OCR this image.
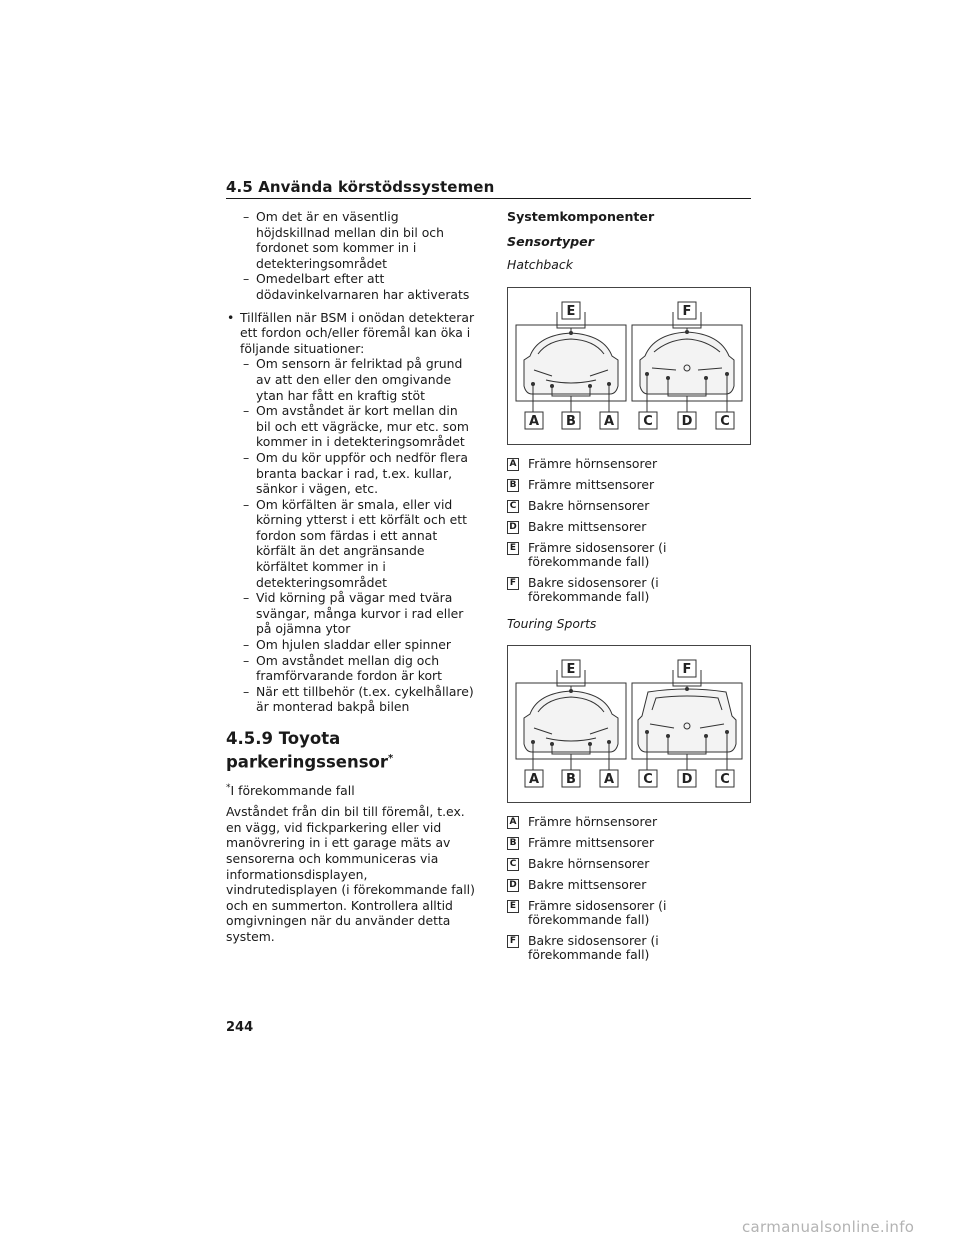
4.5 Använda körstödssystemen
– Om det är en väsentlig höjdskillnad mellan din bil och fordonet som kommer in i detekteringsområdet
– Omedelbart efter att dödavinkelvarnaren har aktiverats
• Tillfällen när BSM i onödan detekterar ett fordon och/eller föremål kan öka i följande situationer:
– Om sensorn är felriktad på grund av att den eller den omgivande ytan har fått en kraftig stöt
– Om avståndet är kort mellan din bil och ett vägräcke, mur etc. som kommer in i detekteringsområdet
– Om du kör uppför och nedför flera branta backar i rad, t.ex. kullar, sänkor i vägen, etc.
– Om körfälten är smala, eller vid körning ytterst i ett körfält och ett fordon som färdas i ett annat körfält än det angränsande körfältet kommer in i detekteringsområdet
– Vid körning på vägar med tvära svängar, många kurvor i rad eller på ojämna ytor
– Om hjulen sladdar eller spinner
– Om avståndet mellan dig och framförvarande fordon är kort
– När ett tillbehör (t.ex. cykelhållare) är monterad bakpå bilen
4.5.9 Toyota parkeringssensor*
*I förekommande fall
Avståndet från din bil till föremål, t.ex. en vägg, vid fickparkering eller vid manövrering in i ett garage mäts av sensorerna och kommuniceras via informationsdisplayen, vindrutedisplayen (i förekommande fall) och en summerton. Kontrollera alltid omgivningen när du använder detta system.
Systemkomponenter
Sensortyper
Hatchback
E	F
A B A C D C
A Främre hörnsensorer
B Främre mittsensorer
C Bakre hörnsensorer
D Bakre mittsensorer
E Främre sidosensorer (i förekommande fall)
F Bakre sidosensorer (i förekommande fall)
Touring Sports
E	F
A B A C D C
A Främre hörnsensorer
B Främre mittsensorer
C Bakre hörnsensorer
D Bakre mittsensorer
E Främre sidosensorer (i förekommande fall)
F Bakre sidosensorer (i förekommande fall)
244
carmanualsonline.info
